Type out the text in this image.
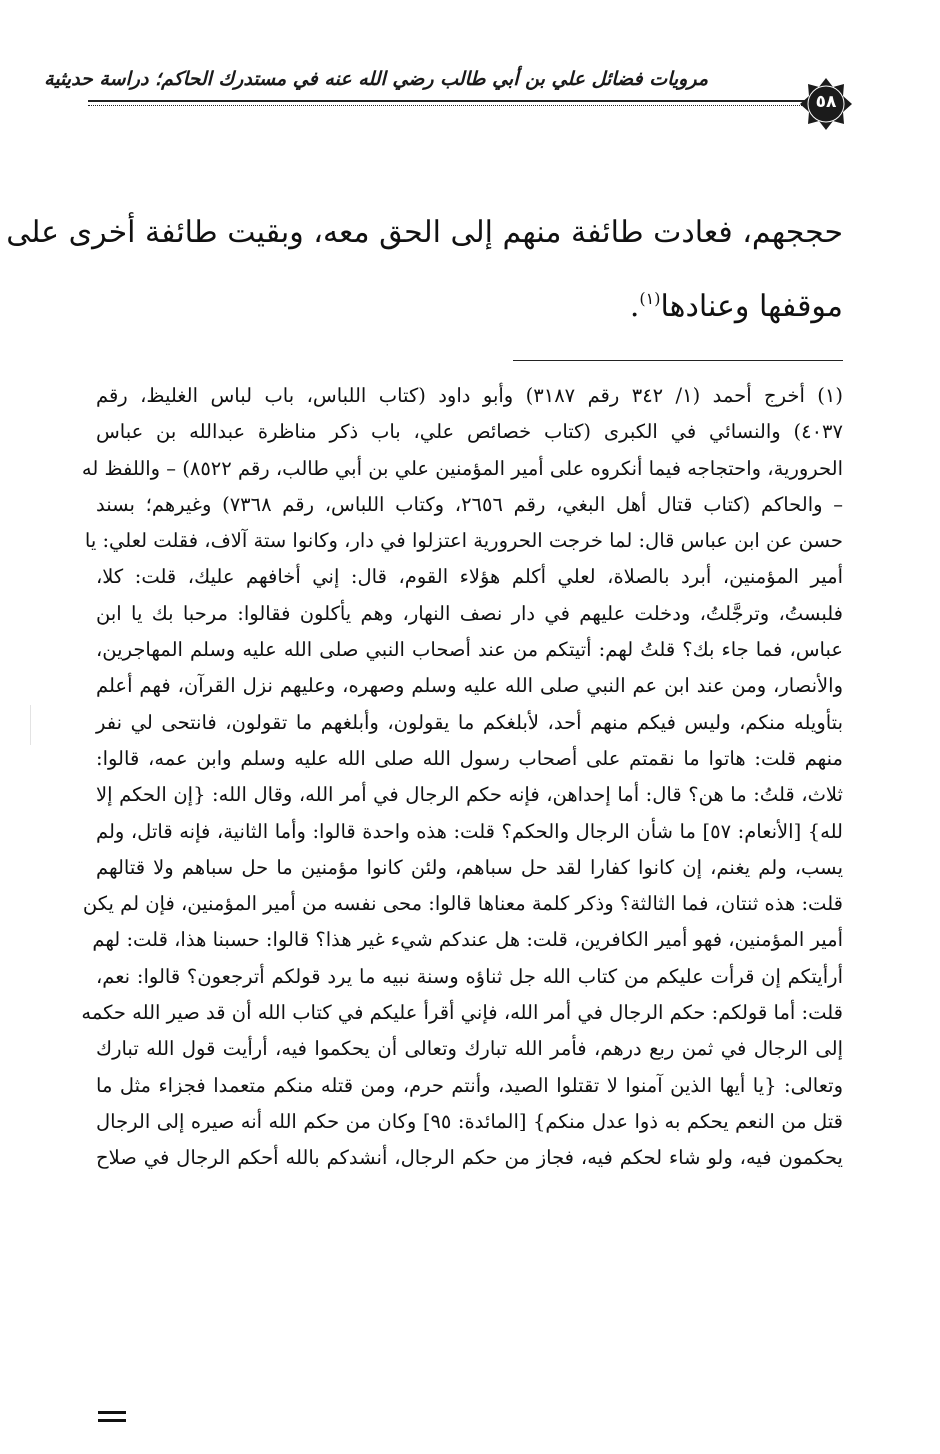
مرويات فضائل علي بن أبي طالب رضي الله عنه في مستدرك الحاكم؛ دراسة حديثية
٥٨
حججهم، فعادت طائفة منهم إلى الحق معه، وبقيت طائفة أخرى على
موقفها وعنادها$^{(١)}$.
(١) أخرج أحمد (١/ ٣٤٢ رقم ٣١٨٧) وأبو داود (كتاب اللباس، باب لباس الغليظ، رقم
٤٠٣٧) والنسائي في الكبرى (كتاب خصائص علي، باب ذكر مناظرة عبدالله بن عباس
الحرورية، واحتجاجه فيما أنكروه على أمير المؤمنين علي بن أبي طالب، رقم ٨٥٢٢) – واللفظ له
– والحاكم (كتاب قتال أهل البغي، رقم ٢٦٥٦، وكتاب اللباس، رقم ٧٣٦٨) وغيرهم؛ بسند
حسن عن ابن عباس قال: لما خرجت الحرورية اعتزلوا في دار، وكانوا ستة آلاف، فقلت لعلي: يا
أمير المؤمنين، أبرد بالصلاة، لعلي أكلم هؤلاء القوم، قال: إني أخافهم عليك، قلت: كلا،
فلبستُ، وترجَّلتُ، ودخلت عليهم في دار نصف النهار، وهم يأكلون فقالوا: مرحبا بك يا ابن
عباس، فما جاء بك؟ قلتُ لهم: أتيتكم من عند أصحاب النبي صلى الله عليه وسلم المهاجرين،
والأنصار، ومن عند ابن عم النبي صلى الله عليه وسلم وصهره، وعليهم نزل القرآن، فهم أعلم
بتأويله منكم، وليس فيكم منهم أحد، لأبلغكم ما يقولون، وأبلغهم ما تقولون، فانتحى لي نفر
منهم قلت: هاتوا ما نقمتم على أصحاب رسول الله صلى الله عليه وسلم وابن عمه، قالوا:
ثلاث، قلتُ: ما هن؟ قال: أما إحداهن، فإنه حكم الرجال في أمر الله، وقال الله: {إن الحكم إلا
لله} [الأنعام: ٥٧] ما شأن الرجال والحكم؟ قلت: هذه واحدة قالوا: وأما الثانية، فإنه قاتل، ولم
يسب، ولم يغنم، إن كانوا كفارا لقد حل سباهم، ولئن كانوا مؤمنين ما حل سباهم ولا قتالهم
قلت: هذه ثنتان، فما الثالثة؟ وذكر كلمة معناها قالوا: محى نفسه من أمير المؤمنين، فإن لم يكن
أمير المؤمنين، فهو أمير الكافرين، قلت: هل عندكم شيء غير هذا؟ قالوا: حسبنا هذا، قلت: لهم
أرأيتكم إن قرأت عليكم من كتاب الله جل ثناؤه وسنة نبيه ما يرد قولكم أترجعون؟ قالوا: نعم،
قلت: أما قولكم: حكم الرجال في أمر الله، فإني أقرأ عليكم في كتاب الله أن قد صير الله حكمه
إلى الرجال في ثمن ربع درهم، فأمر الله تبارك وتعالى أن يحكموا فيه، أرأيت قول الله تبارك
وتعالى: {يا أيها الذين آمنوا لا تقتلوا الصيد، وأنتم حرم، ومن قتله منكم متعمدا فجزاء مثل ما
قتل من النعم يحكم به ذوا عدل منكم} [المائدة: ٩٥] وكان من حكم الله أنه صيره إلى الرجال
يحكمون فيه، ولو شاء لحكم فيه، فجاز من حكم الرجال، أنشدكم بالله أحكم الرجال في صلاح
